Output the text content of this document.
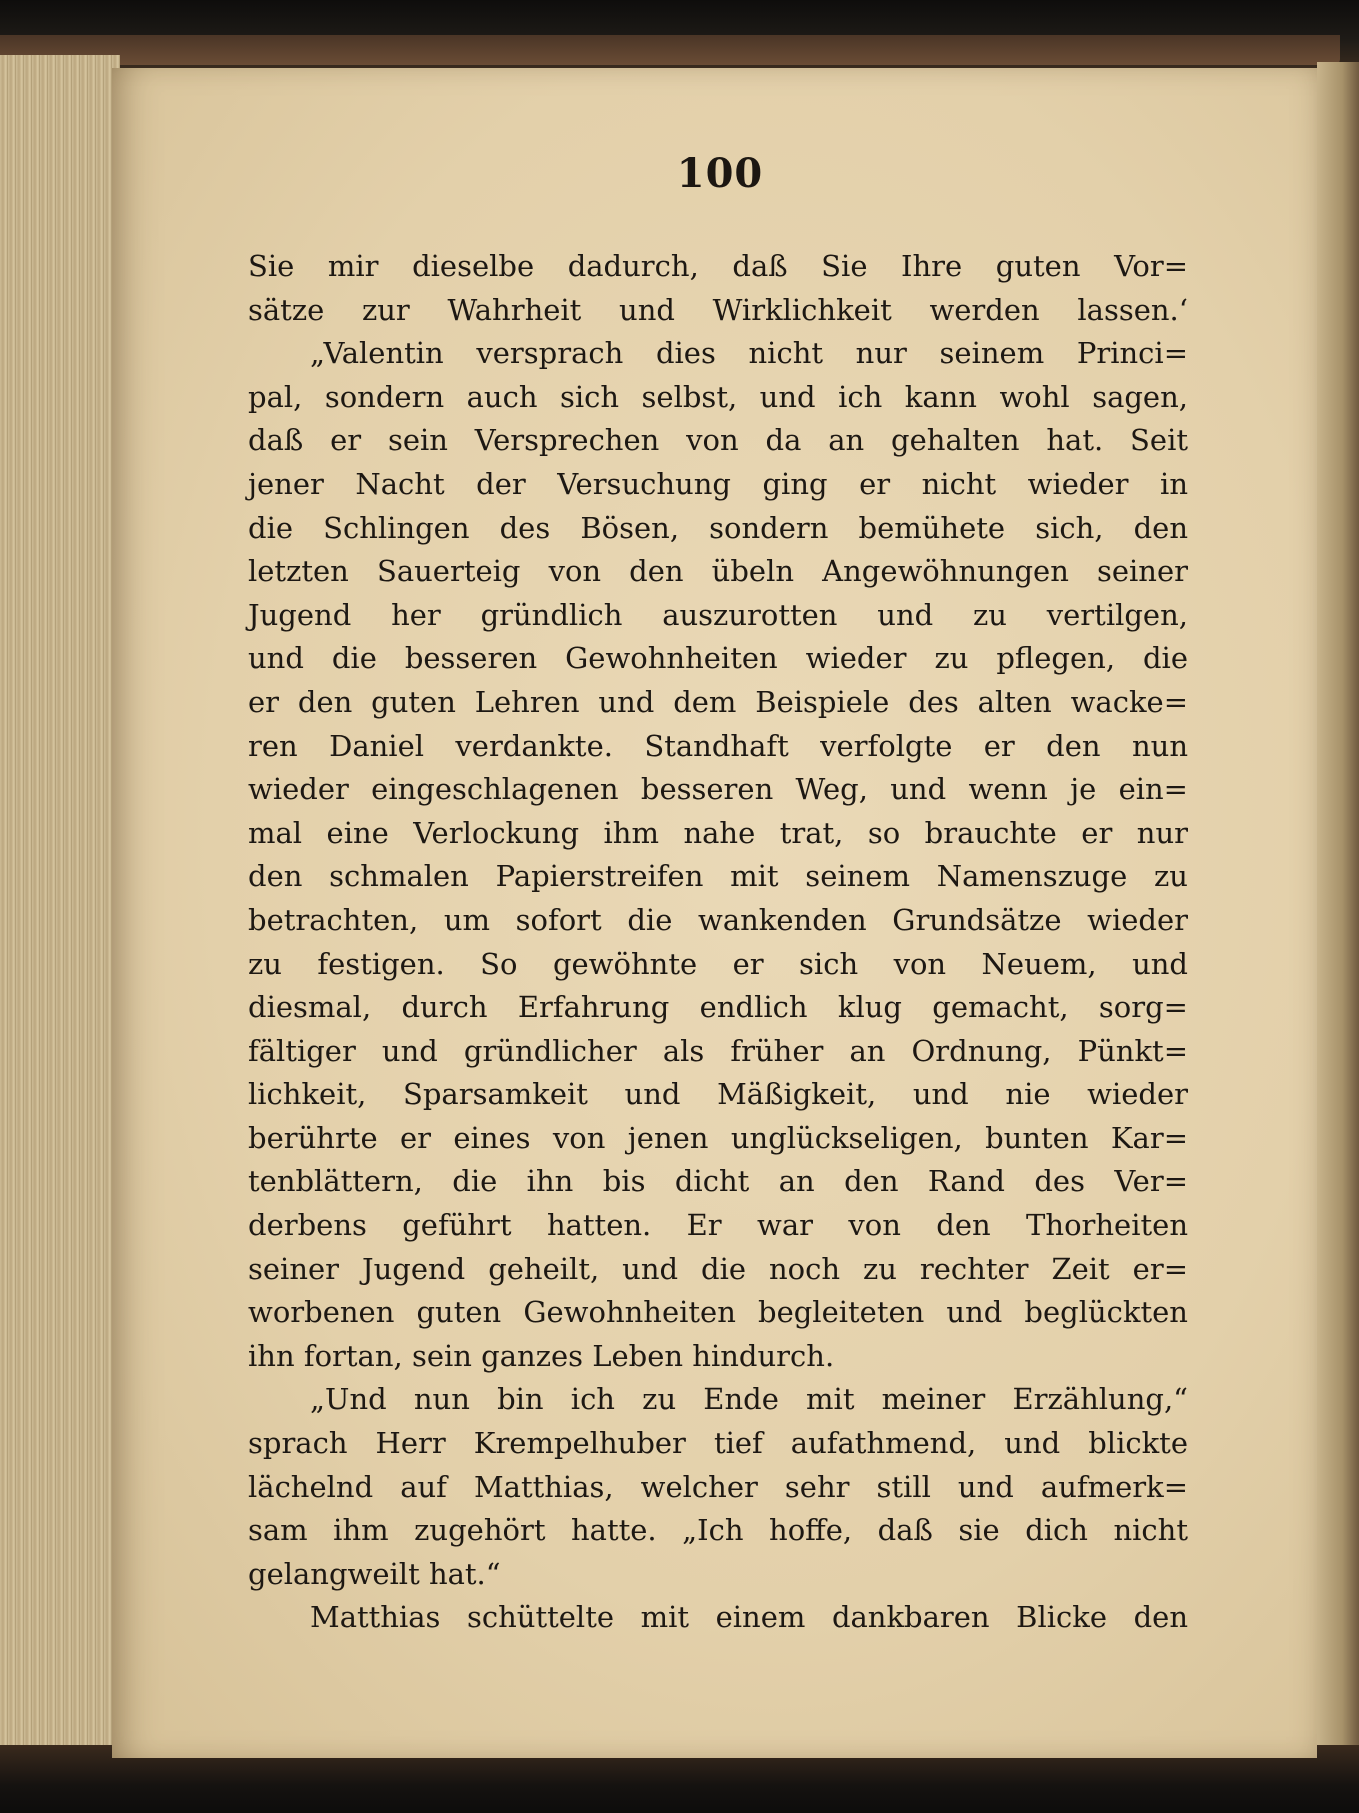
100
Sie mir dieselbe dadurch, daß Sie Ihre guten Vor=
sätze zur Wahrheit und Wirklichkeit werden lassen.‘
„Valentin versprach dies nicht nur seinem Princi=
pal, sondern auch sich selbst, und ich kann wohl sagen,
daß er sein Versprechen von da an gehalten hat. Seit
jener Nacht der Versuchung ging er nicht wieder in
die Schlingen des Bösen, sondern bemühete sich, den
letzten Sauerteig von den übeln Angewöhnungen seiner
Jugend her gründlich auszurotten und zu vertilgen,
und die besseren Gewohnheiten wieder zu pflegen, die
er den guten Lehren und dem Beispiele des alten wacke=
ren Daniel verdankte. Standhaft verfolgte er den nun
wieder eingeschlagenen besseren Weg, und wenn je ein=
mal eine Verlockung ihm nahe trat, so brauchte er nur
den schmalen Papierstreifen mit seinem Namenszuge zu
betrachten, um sofort die wankenden Grundsätze wieder
zu festigen. So gewöhnte er sich von Neuem, und
diesmal, durch Erfahrung endlich klug gemacht, sorg=
fältiger und gründlicher als früher an Ordnung, Pünkt=
lichkeit, Sparsamkeit und Mäßigkeit, und nie wieder
berührte er eines von jenen unglückseligen, bunten Kar=
tenblättern, die ihn bis dicht an den Rand des Ver=
derbens geführt hatten. Er war von den Thorheiten
seiner Jugend geheilt, und die noch zu rechter Zeit er=
worbenen guten Gewohnheiten begleiteten und beglückten
ihn fortan, sein ganzes Leben hindurch.
„Und nun bin ich zu Ende mit meiner Erzählung,“
sprach Herr Krempelhuber tief aufathmend, und blickte
lächelnd auf Matthias, welcher sehr still und aufmerk=
sam ihm zugehört hatte. „Ich hoffe, daß sie dich nicht
gelangweilt hat.“
Matthias schüttelte mit einem dankbaren Blicke den
